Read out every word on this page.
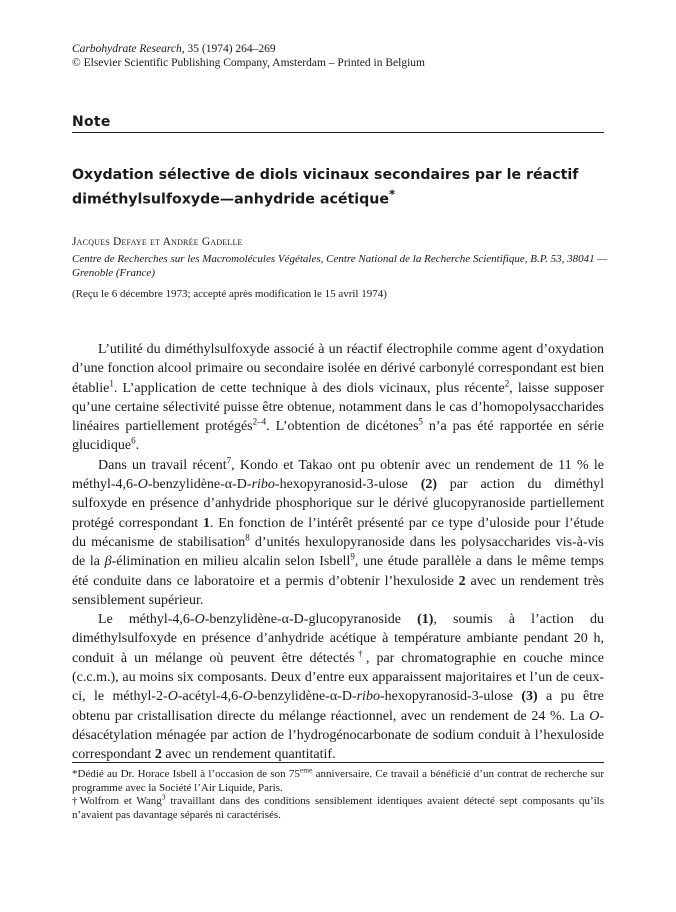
Carbohydrate Research, 35 (1974) 264–269
© Elsevier Scientific Publishing Company, Amsterdam – Printed in Belgium
Note
Oxydation sélective de diols vicinaux secondaires par le réactif diméthylsulfoxyde—anhydride acétique*
Jacques Defaye et Andrée Gadelle
Centre de Recherches sur les Macromolécules Végétales, Centre National de la Recherche Scientifique, B.P. 53, 38041 — Grenoble (France)
(Reçu le 6 décembre 1973; accepté après modification le 15 avril 1974)

L’utilité du diméthylsulfoxyde associé à un réactif électrophile comme agent d’oxydation d’une fonction alcool primaire ou secondaire isolée en dérivé carbonylé correspondant est bien établie$^1$. L’application de cette technique à des diols vicinaux, plus récente$^2$, laisse supposer qu’une certaine sélectivité puisse être obtenue, notamment dans le cas d’homopolysaccharides linéaires partiellement protégés$^{2-4}$. L’obtention de dicétones$^5$ n’a pas été rapportée en série glucidique$^6$.

Dans un travail récent$^7$, Kondo et Takao ont pu obtenir avec un rendement de 11 % le méthyl-4,6-O-benzylidène-α-D-ribo-hexopyranosid-3-ulose (2) par action du diméthyl sulfoxyde en présence d’anhydride phosphorique sur le dérivé glucopyranoside partiellement protégé correspondant 1. En fonction de l’intérêt présenté par ce type d’uloside pour l’étude du mécanisme de stabilisation$^8$ d’unités hexulopyranoside dans les polysaccharides vis-à-vis de la β-élimination en milieu alcalin selon Isbell$^9$, une étude parallèle a dans le même temps été conduite dans ce laboratoire et a permis d’obtenir l’hexuloside 2 avec un rendement très sensiblement supérieur.

Le méthyl-4,6-O-benzylidène-α-D-glucopyranoside (1), soumis à l’action du diméthylsulfoxyde en présence d’anhydride acétique à température ambiante pendant 20 h, conduit à un mélange où peuvent être détectés†, par chromatographie en couche mince (c.c.m.), au moins six composants. Deux d’entre eux apparaissent majoritaires et l’un de ceux-ci, le méthyl-2-O-acétyl-4,6-O-benzylidène-α-D-ribo-hexopyranosid-3-ulose (3) a pu être obtenu par cristallisation directe du mélange réactionnel, avec un rendement de 24 %. La O-désacétylation ménagée par action de l’hydrogénocarbonate de sodium conduit à l’hexuloside correspondant 2 avec un rendement quantitatif.

*Dédié au Dr. Horace Isbell à l’occasion de son 75eme anniversaire. Ce travail a bénéficié d’un contrat de recherche sur programme avec la Société l’Air Liquide, Paris.

†Wolfrom et Wang$^3$ travaillant dans des conditions sensiblement identiques avaient détecté sept composants qu’ils n’avaient pas davantage séparés ni caractérisés.
